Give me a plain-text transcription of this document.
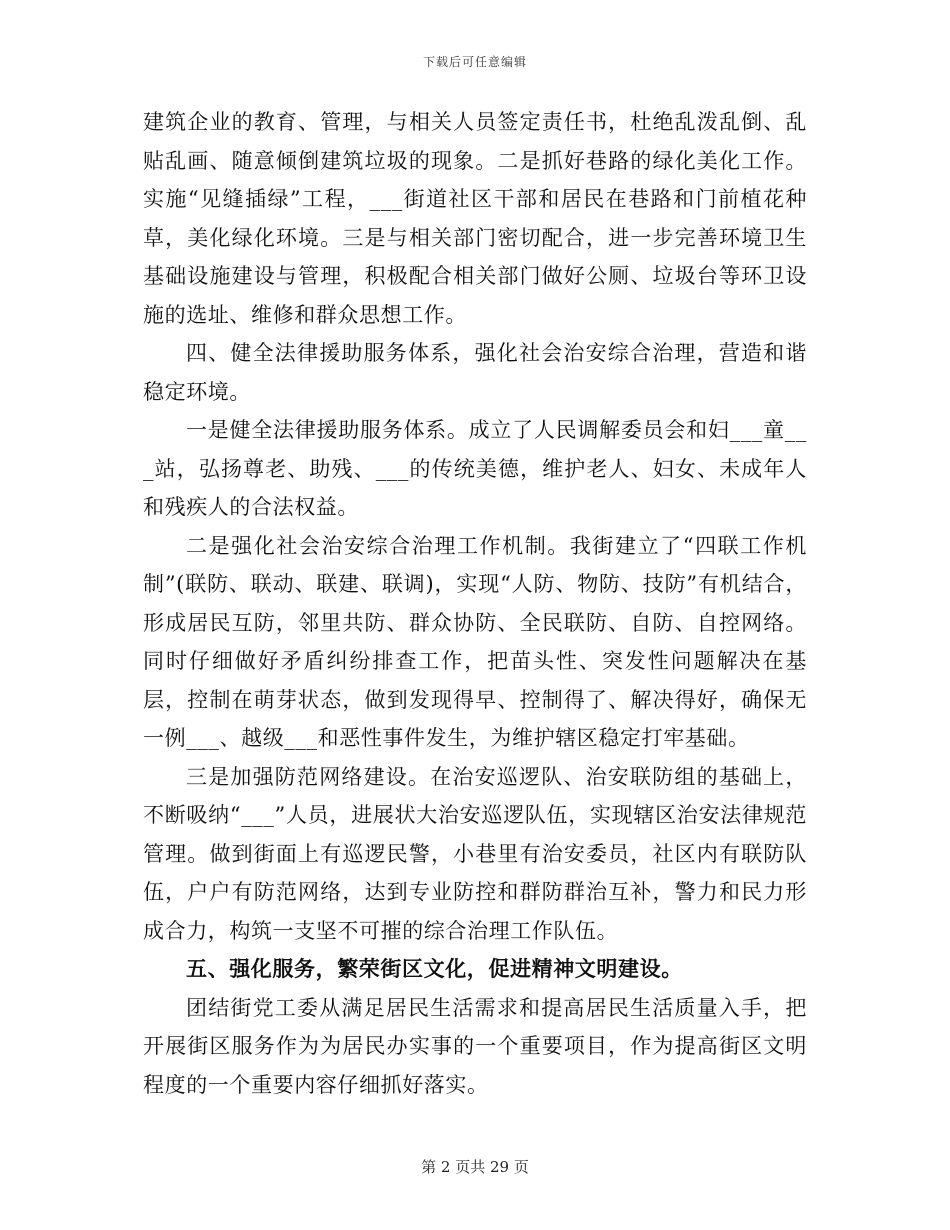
下载后可任意编辑

建筑企业的教育、管理，与相关人员签定责任书，杜绝乱泼乱倒、乱贴乱画、随意倾倒建筑垃圾的现象。二是抓好巷路的绿化美化工作。实施“见缝插绿”工程，___街道社区干部和居民在巷路和门前植花种草，美化绿化环境。三是与相关部门密切配合，进一步完善环境卫生基础设施建设与管理，积极配合相关部门做好公厕、垃圾台等环卫设施的选址、维修和群众思想工作。

四、健全法律援助服务体系，强化社会治安综合治理，营造和谐稳定环境。

一是健全法律援助服务体系。成立了人民调解委员会和妇___童___站，弘扬尊老、助残、___的传统美德，维护老人、妇女、未成年人和残疾人的合法权益。

二是强化社会治安综合治理工作机制。我街建立了“四联工作机制”(联防、联动、联建、联调)，实现“人防、物防、技防”有机结合，形成居民互防，邻里共防、群众协防、全民联防、自防、自控网络。同时仔细做好矛盾纠纷排查工作，把苗头性、突发性问题解决在基层，控制在萌芽状态，做到发现得早、控制得了、解决得好，确保无一例___、越级___和恶性事件发生，为维护辖区稳定打牢基础。

三是加强防范网络建设。在治安巡逻队、治安联防组的基础上，不断吸纳“___”人员，进展状大治安巡逻队伍，实现辖区治安法律规范管理。做到街面上有巡逻民警，小巷里有治安委员，社区内有联防队伍，户户有防范网络，达到专业防控和群防群治互补，警力和民力形成合力，构筑一支坚不可摧的综合治理工作队伍。

五、强化服务，繁荣街区文化，促进精神文明建设。

团结街党工委从满足居民生活需求和提高居民生活质量入手，把开展街区服务作为为居民办实事的一个重要项目，作为提高街区文明程度的一个重要内容仔细抓好落实。

第 2 页共 29 页
